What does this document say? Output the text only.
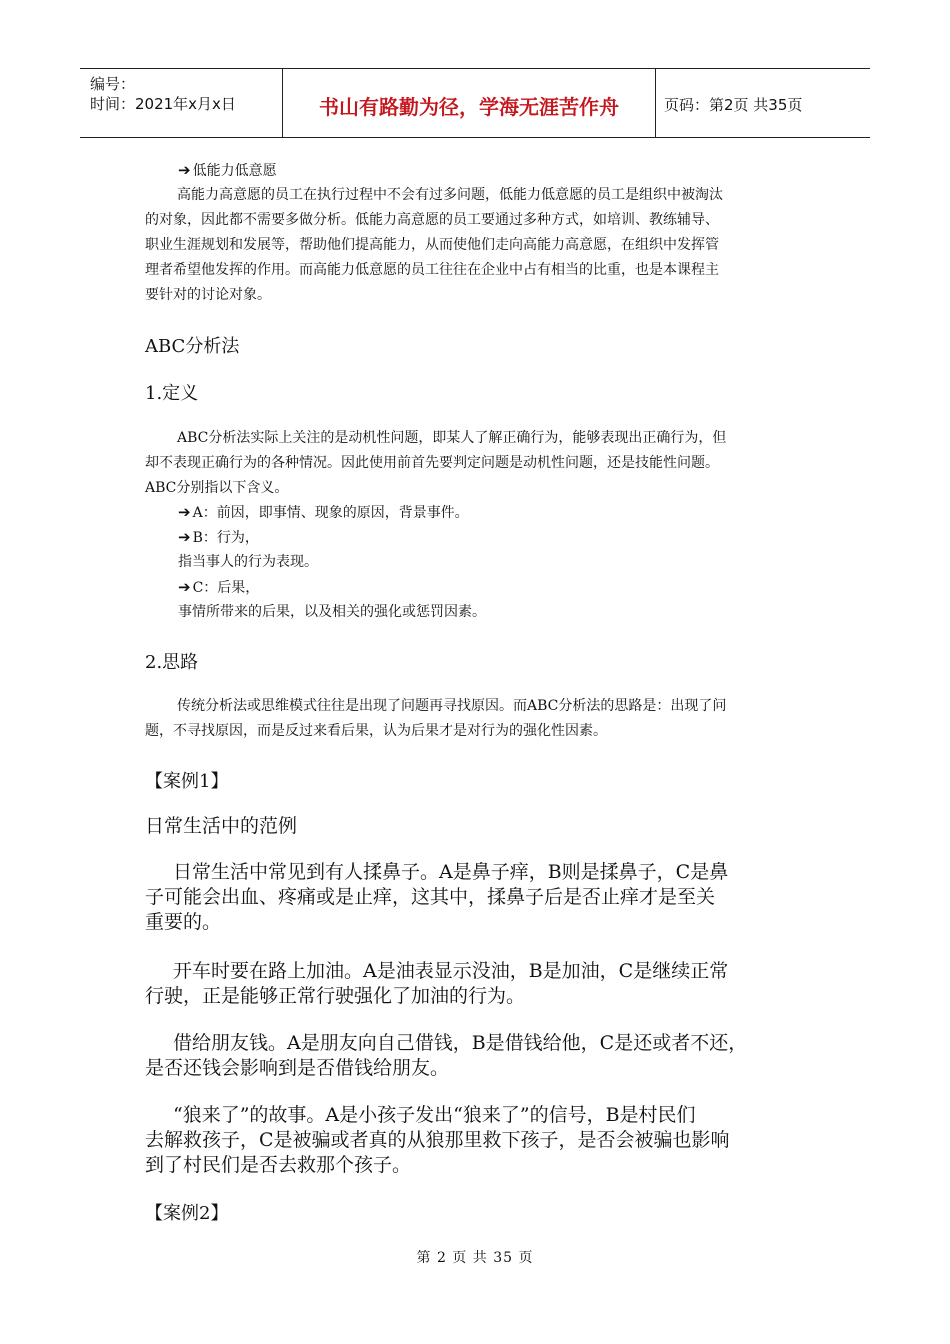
编号：
时间：2021年x月x日	书山有路勤为径，学海无涯苦作舟	页码：第2页 共35页
➔ 低能力低意愿
高能力高意愿的员工在执行过程中不会有过多问题，低能力低意愿的员工是组织中被淘汰
的对象，因此都不需要多做分析。低能力高意愿的员工要通过多种方式，如培训、教练辅导、
职业生涯规划和发展等，帮助他们提高能力，从而使他们走向高能力高意愿，在组织中发挥管
理者希望他发挥的作用。而高能力低意愿的员工往往在企业中占有相当的比重，也是本课程主
要针对的讨论对象。
ABC分析法
1.定义
ABC分析法实际上关注的是动机性问题，即某人了解正确行为，能够表现出正确行为，但
却不表现正确行为的各种情况。因此使用前首先要判定问题是动机性问题，还是技能性问题。
ABC分别指以下含义。
➔ A：前因，即事情、现象的原因，背景事件。
➔ B：行为，
指当事人的行为表现。
➔ C：后果，
事情所带来的后果，以及相关的强化或惩罚因素。
2.思路
传统分析法或思维模式往往是出现了问题再寻找原因。而ABC分析法的思路是：出现了问
题，不寻找原因，而是反过来看后果，认为后果才是对行为的强化性因素。
【案例1】
日常生活中的范例
日常生活中常见到有人揉鼻子。A是鼻子痒，B则是揉鼻子，C是鼻
子可能会出血、疼痛或是止痒，这其中，揉鼻子后是否止痒才是至关
重要的。
开车时要在路上加油。A是油表显示没油，B是加油，C是继续正常
行驶，正是能够正常行驶强化了加油的行为。
借给朋友钱。A是朋友向自己借钱，B是借钱给他，C是还或者不还，
是否还钱会影响到是否借钱给朋友。
“狼来了”的故事。A是小孩子发出“狼来了”的信号，B是村民们
去解救孩子，C是被骗或者真的从狼那里救下孩子，是否会被骗也影响
到了村民们是否去救那个孩子。
【案例2】
第 2 页 共 35 页
